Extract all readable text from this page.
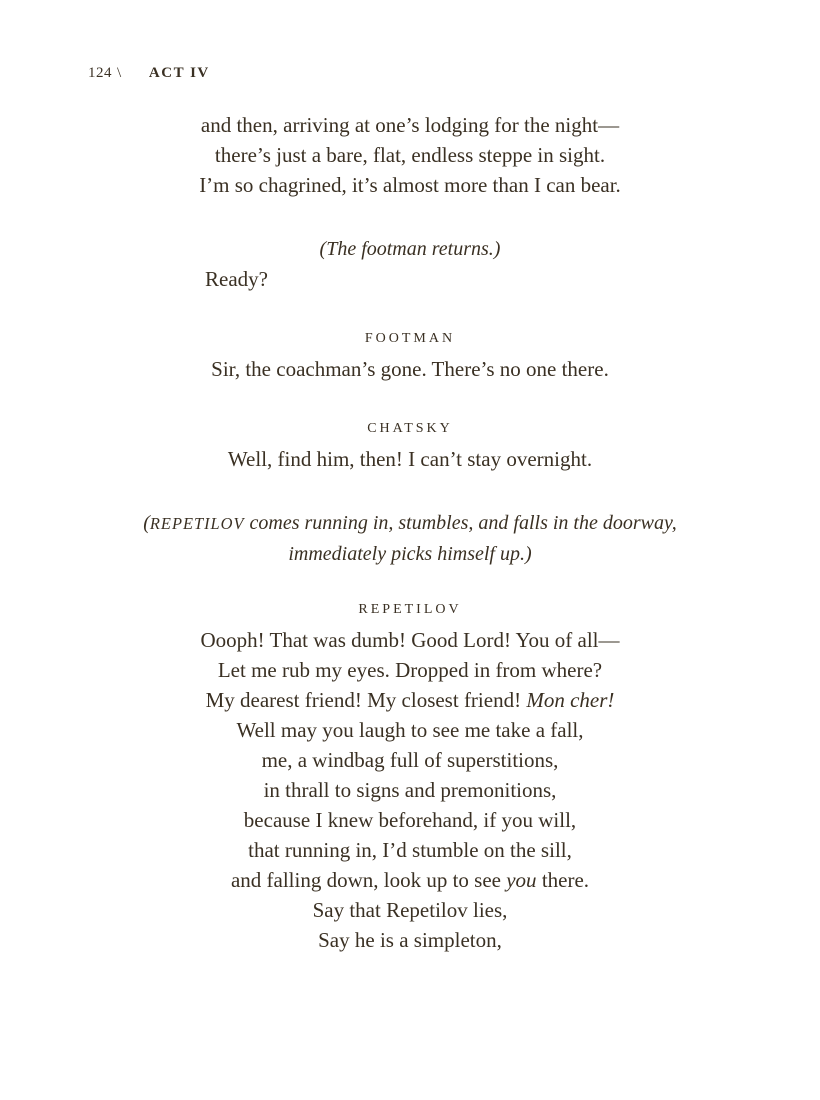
124 \ ACT IV
and then, arriving at one’s lodging for the night—
there’s just a bare, flat, endless steppe in sight.
I’m so chagrined, it’s almost more than I can bear.
(The footman returns.)
Ready?
FOOTMAN
Sir, the coachman’s gone. There’s no one there.
CHATSKY
Well, find him, then! I can’t stay overnight.
(REPETILOV comes running in, stumbles, and falls in the doorway,
immediately picks himself up.)
REPETILOV
Oooph! That was dumb! Good Lord! You of all—
Let me rub my eyes. Dropped in from where?
My dearest friend! My closest friend! Mon cher!
Well may you laugh to see me take a fall,
me, a windbag full of superstitions,
in thrall to signs and premonitions,
because I knew beforehand, if you will,
that running in, I’d stumble on the sill,
and falling down, look up to see you there.
Say that Repetilov lies,
Say he is a simpleton,
